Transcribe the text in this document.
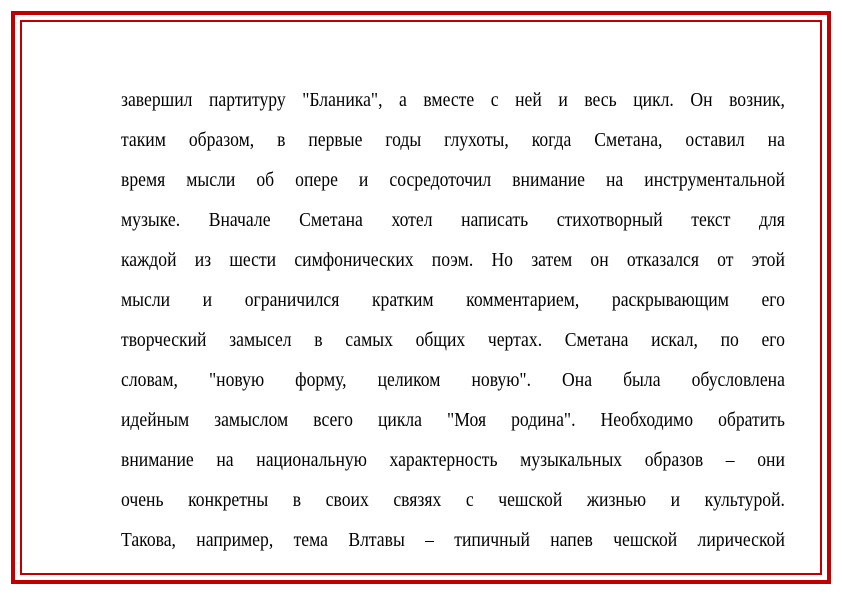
завершил партитуру "Бланика", а вместе с ней и весь цикл. Он возник,
таким образом, в первые годы глухоты, когда Сметана, оставил на
время мысли об опере и сосредоточил внимание на инструментальной
музыке. Вначале Сметана хотел написать стихотворный текст для
каждой из шести симфонических поэм. Но затем он отказался от этой
мысли и ограничился кратким комментарием, раскрывающим его
творческий замысел в самых общих чертах. Сметана искал, по его
словам, "новую форму, целиком новую". Она была обусловлена
идейным замыслом всего цикла "Моя родина". Необходимо обратить
внимание на национальную характерность музыкальных образов – они
очень конкретны в своих связях с чешской жизнью и культурой.
Такова, например, тема Влтавы – типичный напев чешской лирической
